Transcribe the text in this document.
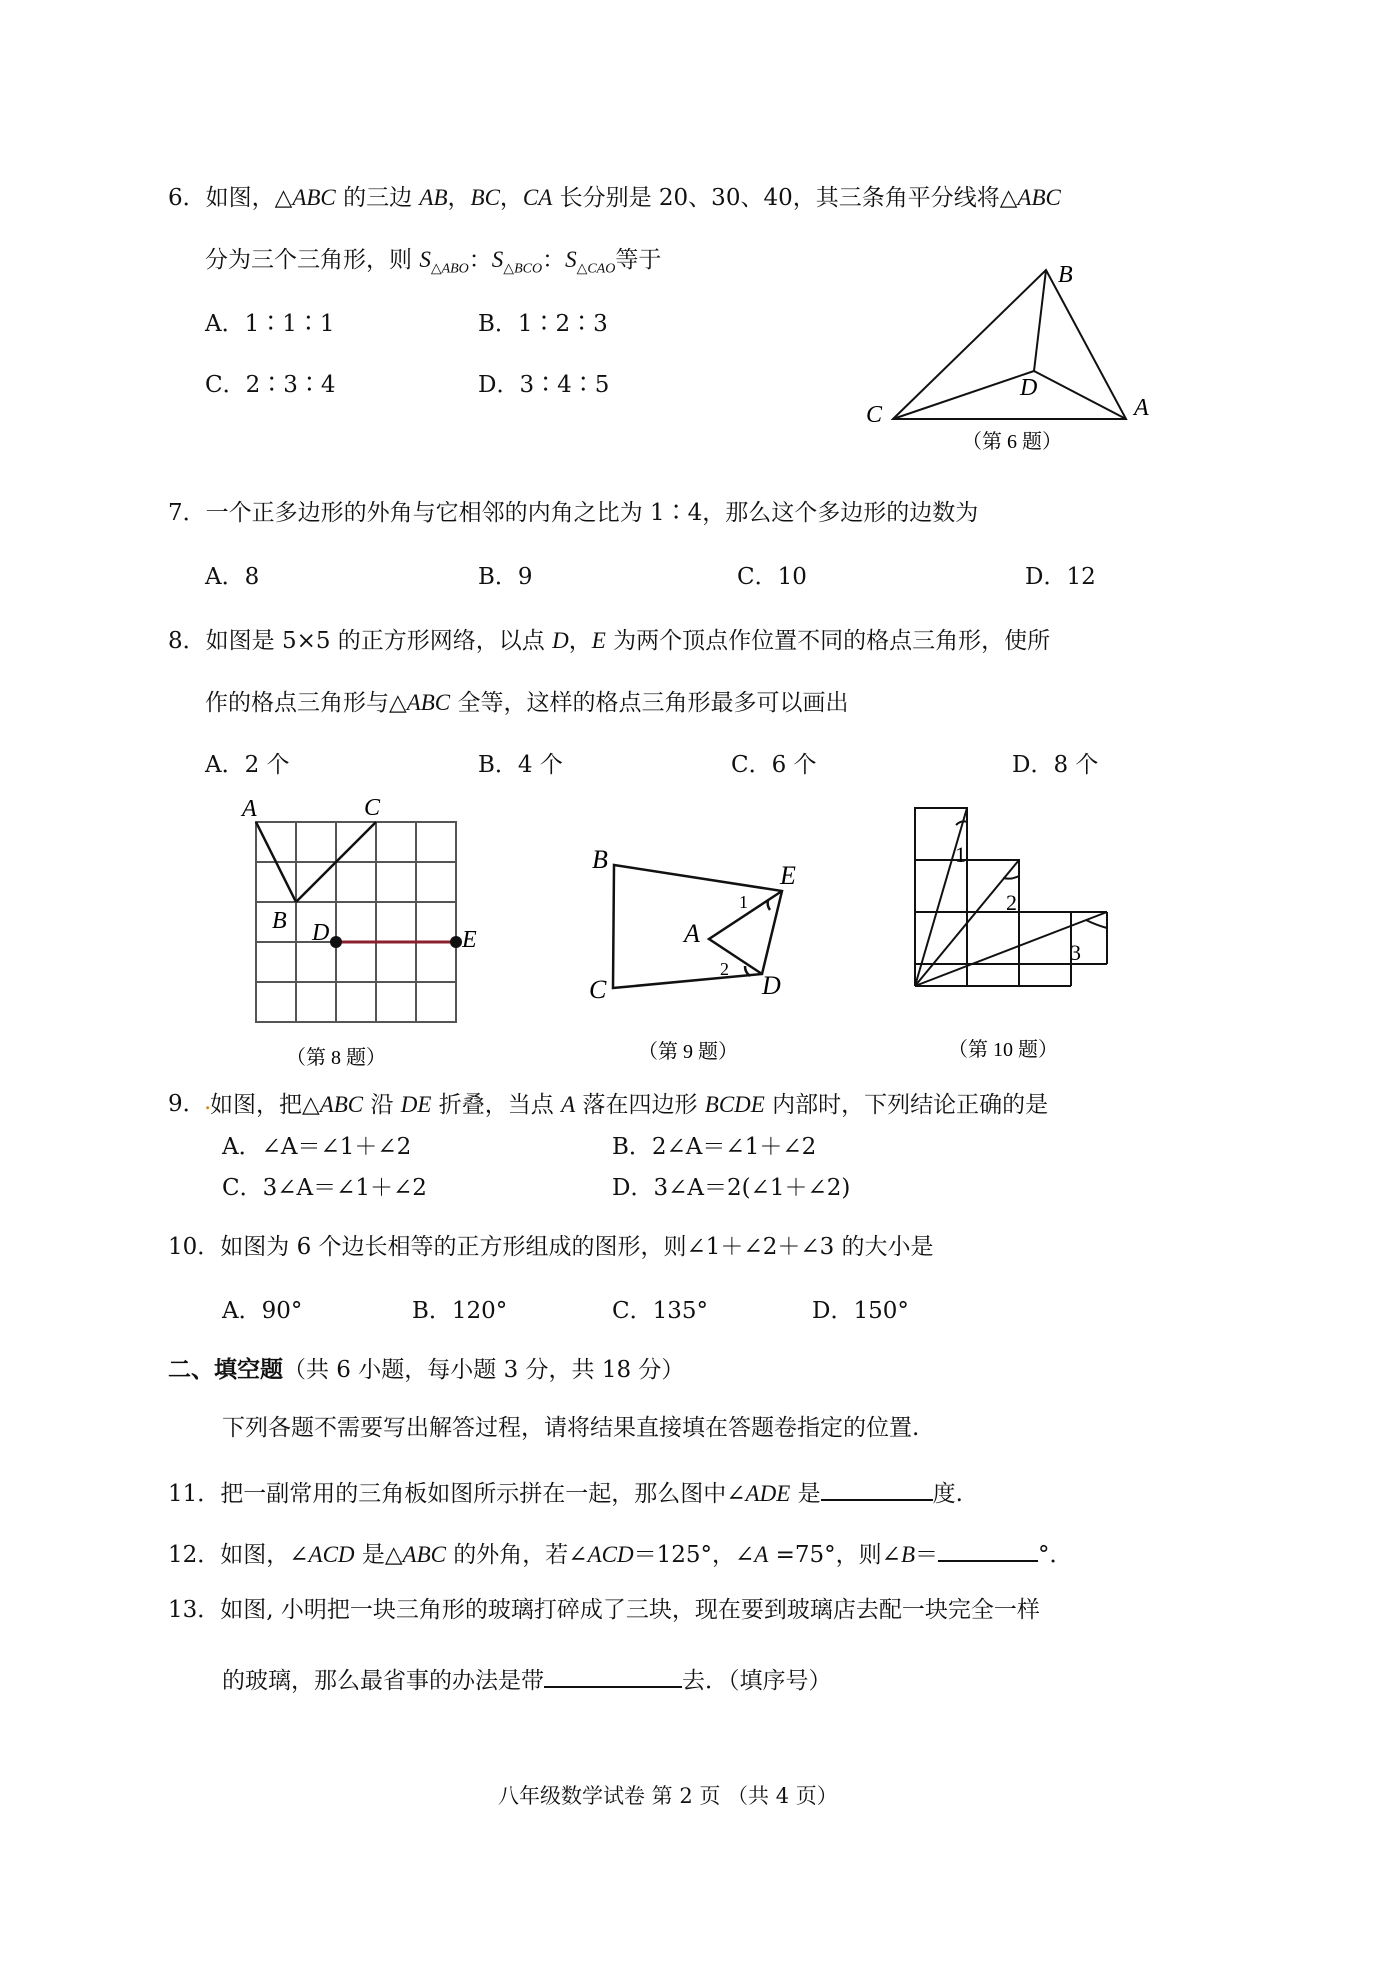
6．如图，△ABC 的三边 AB，BC，CA 长分别是 20、30、40，其三条角平分线将△ABC
分为三个三角形，则 $S_{\triangle ABO}$：$S_{\triangle BCO}$：$S_{\triangle CAO}$等于
A．1∶1∶1	B．1∶2∶3
C．2∶3∶4	D．3∶4∶5
B
D
C	A
（第 6 题）
7．一个正多边形的外角与它相邻的内角之比为 1∶4，那么这个多边形的边数为
A．8	B．9	C．10	D．12
8．如图是 5×5 的正方形网络，以点 D，E 为两个顶点作位置不同的格点三角形，使所
作的格点三角形与△ABC 全等，这样的格点三角形最多可以画出
A．2 个	B．4 个	C．6 个	D．8 个
A	C
B D	E
（第 8 题）
B
E
A
C	D
1
2
（第 9 题）
1
2
3
（第 10 题）
9．
.
如图，把△ABC 沿 DE 折叠，当点 A 落在四边形 BCDE 内部时，下列结论正确的是
A．∠A＝∠1＋∠2	B．2∠A＝∠1＋∠2
C．3∠A＝∠1＋∠2	D．3∠A＝2(∠1＋∠2)
10．如图为 6 个边长相等的正方形组成的图形，则∠1＋∠2＋∠3 的大小是
A．90°	B．120°	C．135°	D．150°
二、填空题（共 6 小题，每小题 3 分，共 18 分）
下列各题不需要写出解答过程，请将结果直接填在答题卷指定的位置.
11．把一副常用的三角板如图所示拼在一起，那么图中∠ADE 是	度.
12．如图，∠ACD 是△ABC 的外角，若∠ACD＝125°，∠A =75°，则∠B＝	°．
13．如图, 小明把一块三角形的玻璃打碎成了三块，现在要到玻璃店去配一块完全一样
的玻璃，那么最省事的办法是带	去．（填序号）
八年级数学试卷 第 2 页 （共 4 页）
